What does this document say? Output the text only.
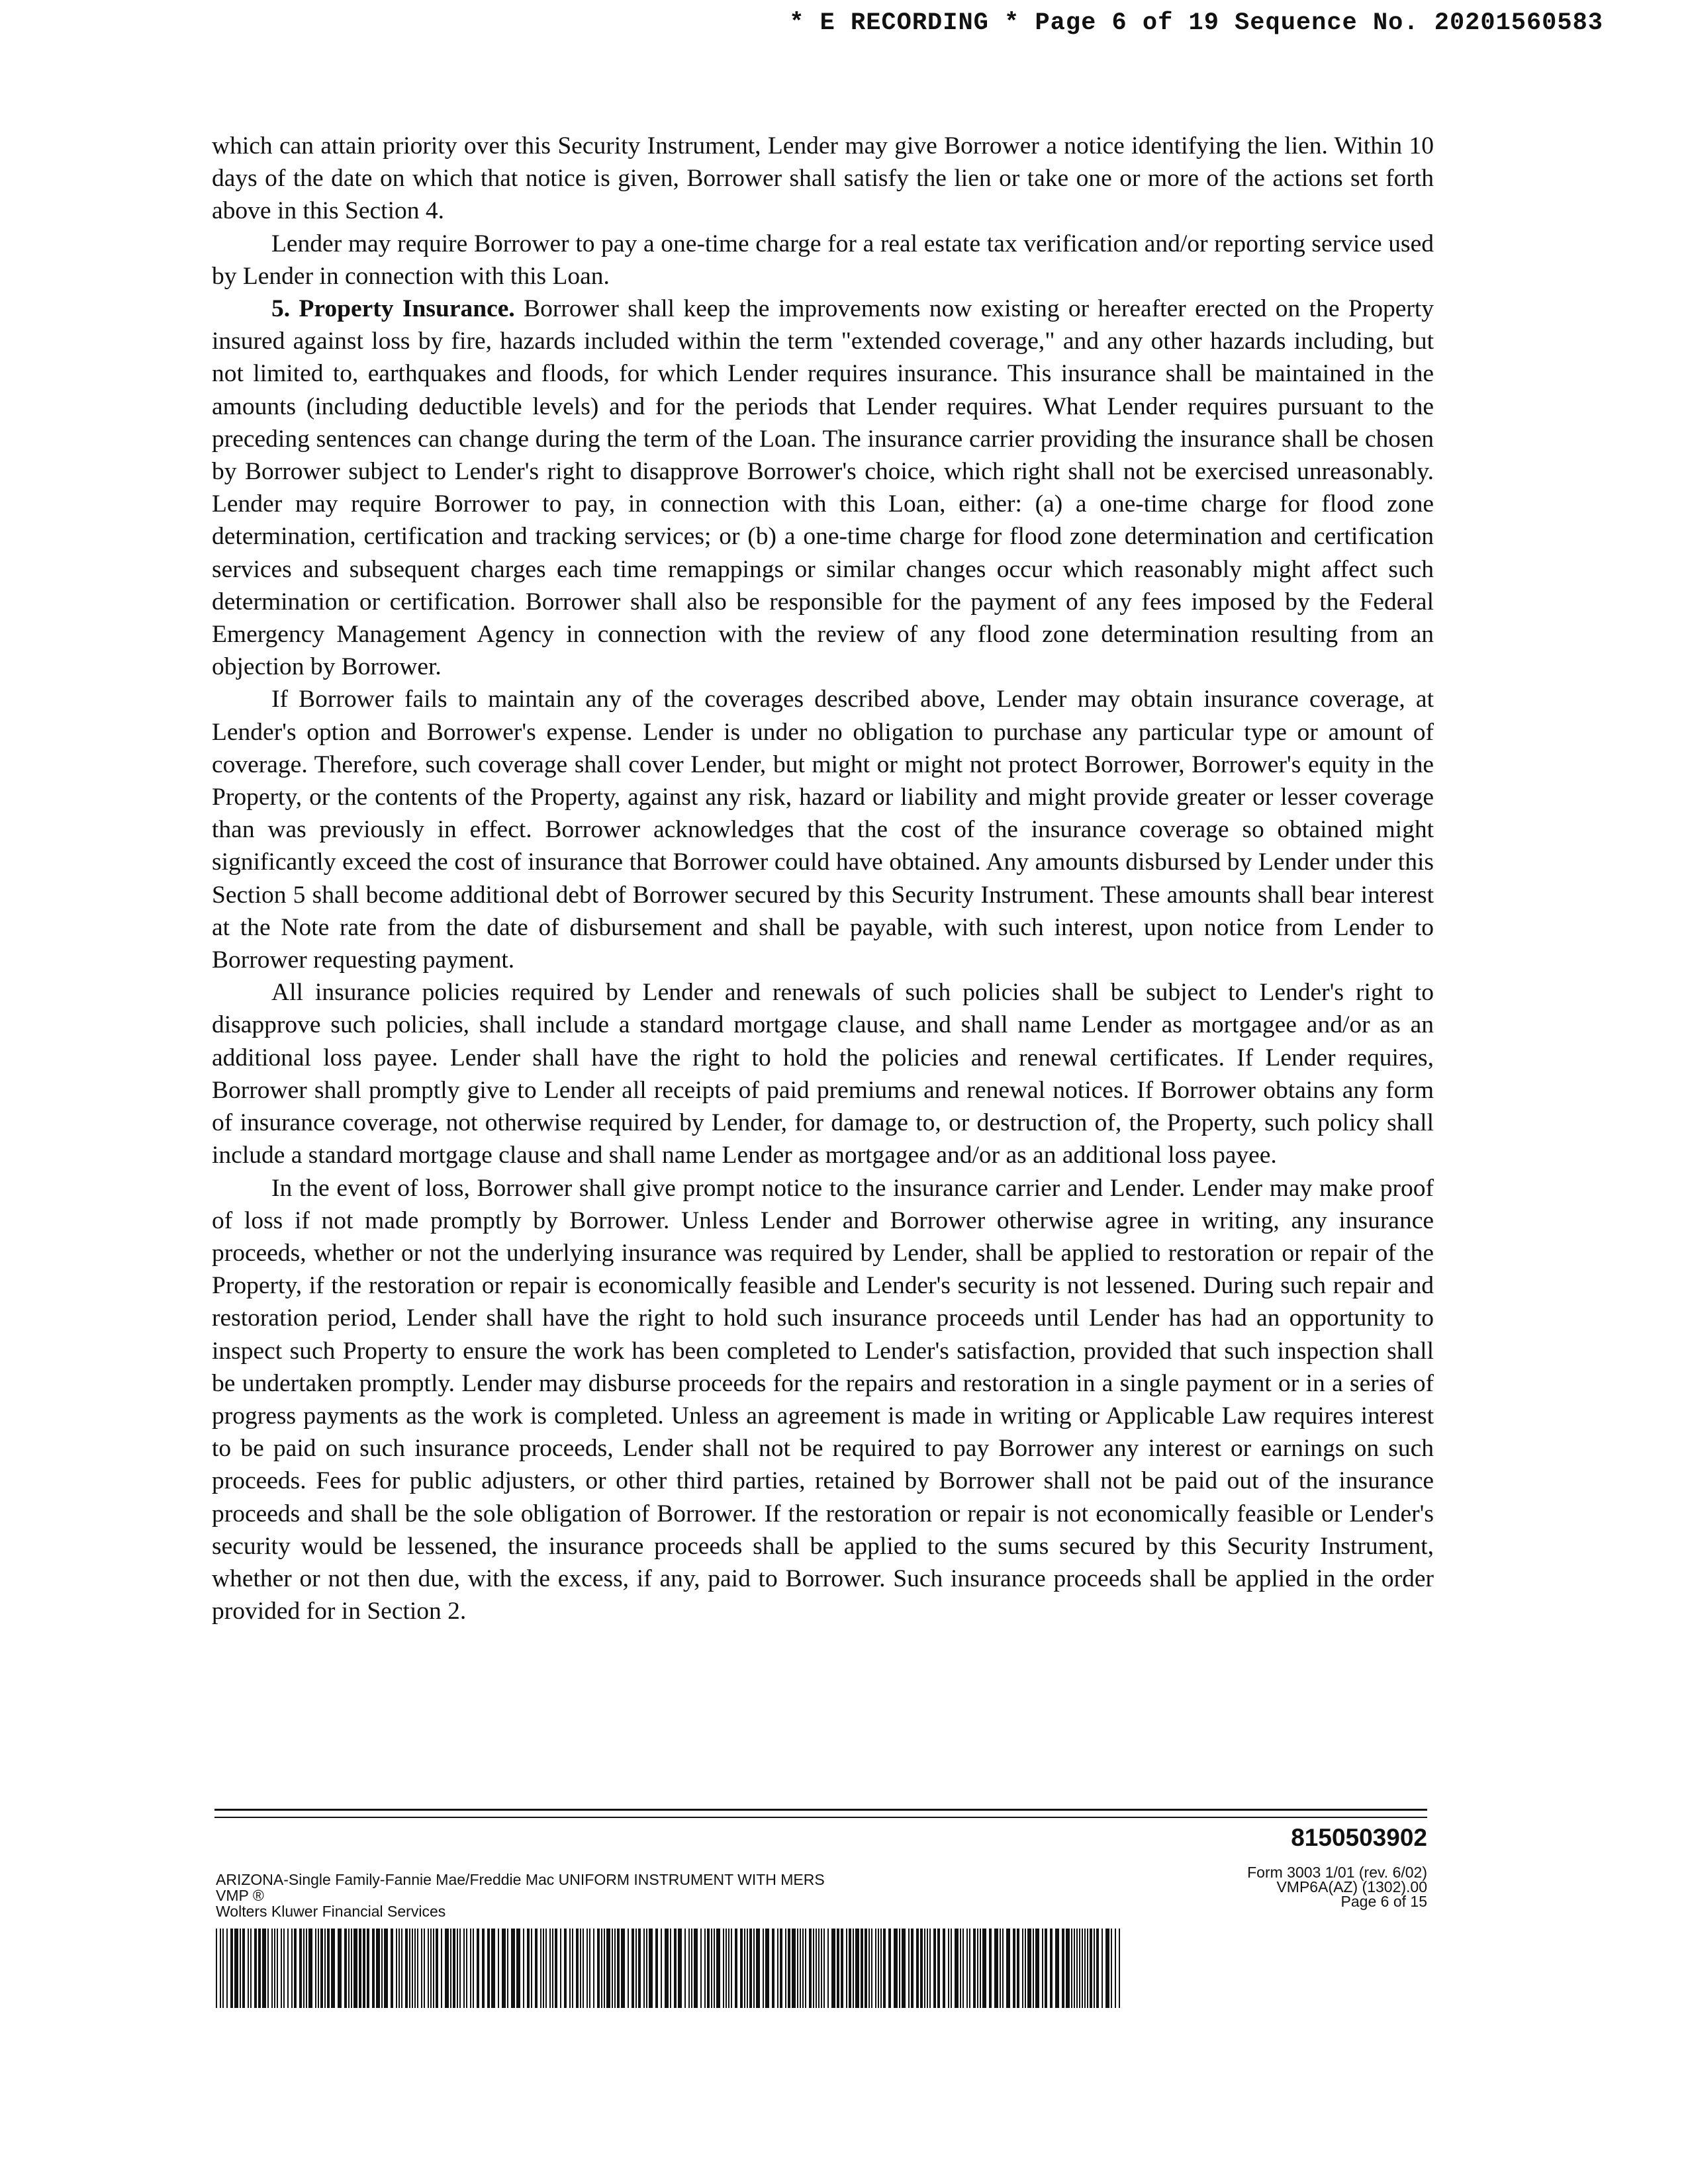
* E RECORDING * Page 6 of 19 Sequence No. 20201560583

which can attain priority over this Security Instrument, Lender may give Borrower a notice identifying the lien. Within 10 days of the date on which that notice is given, Borrower shall satisfy the lien or take one or more of the actions set forth above in this Section 4.

Lender may require Borrower to pay a one-time charge for a real estate tax verification and/or reporting service used by Lender in connection with this Loan.

5. Property Insurance. Borrower shall keep the improvements now existing or hereafter erected on the Property insured against loss by fire, hazards included within the term "extended coverage," and any other hazards including, but not limited to, earthquakes and floods, for which Lender requires insurance. This insurance shall be maintained in the amounts (including deductible levels) and for the periods that Lender requires. What Lender requires pursuant to the preceding sentences can change during the term of the Loan. The insurance carrier providing the insurance shall be chosen by Borrower subject to Lender's right to disapprove Borrower's choice, which right shall not be exercised unreasonably. Lender may require Borrower to pay, in connection with this Loan, either: (a) a one-time charge for flood zone determination, certification and tracking services; or (b) a one-time charge for flood zone determination and certification services and subsequent charges each time remappings or similar changes occur which reasonably might affect such determination or certification. Borrower shall also be responsible for the payment of any fees imposed by the Federal Emergency Management Agency in connection with the review of any flood zone determination resulting from an objection by Borrower.

If Borrower fails to maintain any of the coverages described above, Lender may obtain insurance coverage, at Lender's option and Borrower's expense. Lender is under no obligation to purchase any particular type or amount of coverage. Therefore, such coverage shall cover Lender, but might or might not protect Borrower, Borrower's equity in the Property, or the contents of the Property, against any risk, hazard or liability and might provide greater or lesser coverage than was previously in effect. Borrower acknowledges that the cost of the insurance coverage so obtained might significantly exceed the cost of insurance that Borrower could have obtained. Any amounts disbursed by Lender under this Section 5 shall become additional debt of Borrower secured by this Security Instrument. These amounts shall bear interest at the Note rate from the date of disbursement and shall be payable, with such interest, upon notice from Lender to Borrower requesting payment.

All insurance policies required by Lender and renewals of such policies shall be subject to Lender's right to disapprove such policies, shall include a standard mortgage clause, and shall name Lender as mortgagee and/or as an additional loss payee. Lender shall have the right to hold the policies and renewal certificates. If Lender requires, Borrower shall promptly give to Lender all receipts of paid premiums and renewal notices. If Borrower obtains any form of insurance coverage, not otherwise required by Lender, for damage to, or destruction of, the Property, such policy shall include a standard mortgage clause and shall name Lender as mortgagee and/or as an additional loss payee.

In the event of loss, Borrower shall give prompt notice to the insurance carrier and Lender. Lender may make proof of loss if not made promptly by Borrower. Unless Lender and Borrower otherwise agree in writing, any insurance proceeds, whether or not the underlying insurance was required by Lender, shall be applied to restoration or repair of the Property, if the restoration or repair is economically feasible and Lender's security is not lessened. During such repair and restoration period, Lender shall have the right to hold such insurance proceeds until Lender has had an opportunity to inspect such Property to ensure the work has been completed to Lender's satisfaction, provided that such inspection shall be undertaken promptly. Lender may disburse proceeds for the repairs and restoration in a single payment or in a series of progress payments as the work is completed. Unless an agreement is made in writing or Applicable Law requires interest to be paid on such insurance proceeds, Lender shall not be required to pay Borrower any interest or earnings on such proceeds. Fees for public adjusters, or other third parties, retained by Borrower shall not be paid out of the insurance proceeds and shall be the sole obligation of Borrower. If the restoration or repair is not economically feasible or Lender's security would be lessened, the insurance proceeds shall be applied to the sums secured by this Security Instrument, whether or not then due, with the excess, if any, paid to Borrower. Such insurance proceeds shall be applied in the order provided for in Section 2.

8150503902
ARIZONA-Single Family-Fannie Mae/Freddie Mac UNIFORM INSTRUMENT WITH MERS
VMP ®
Wolters Kluwer Financial Services
Form 3003 1/01 (rev. 6/02)
VMP6A(AZ) (1302).00
Page 6 of 15
